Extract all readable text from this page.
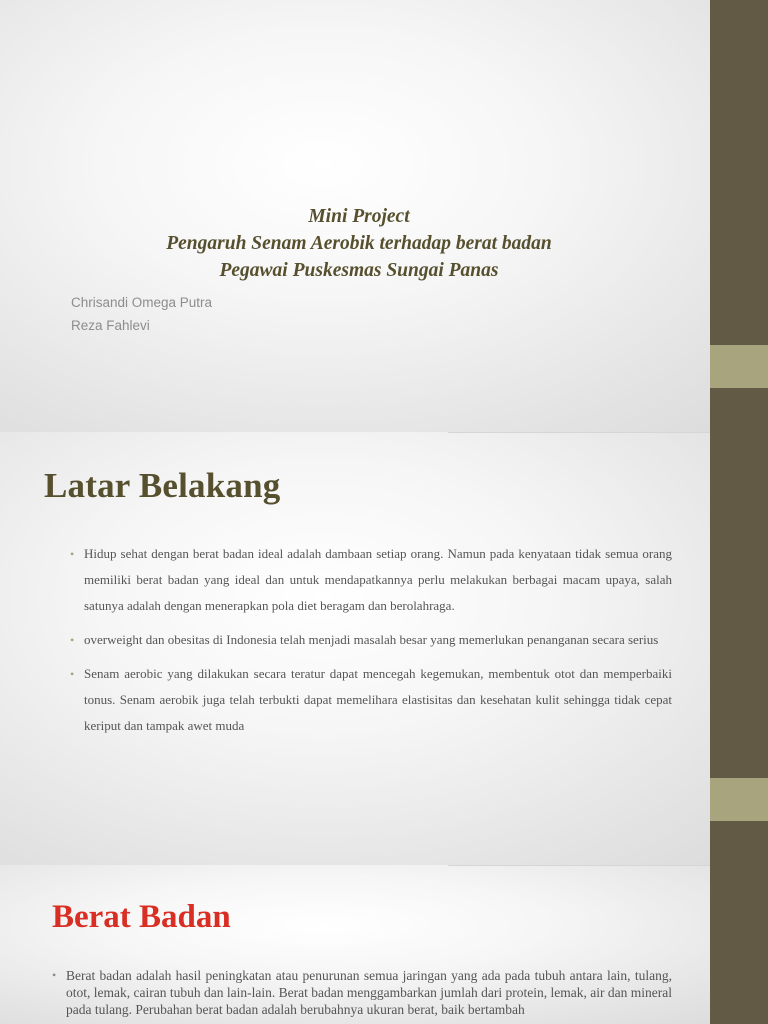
Mini Project
Pengaruh Senam Aerobik terhadap berat badan
Pegawai Puskesmas Sungai Panas
Chrisandi Omega Putra
Reza Fahlevi
Latar Belakang
• Hidup sehat dengan berat badan ideal adalah dambaan setiap orang. Namun pada kenyataan tidak semua orang memiliki berat badan yang ideal dan untuk mendapatkannya perlu melakukan berbagai macam upaya, salah satunya adalah dengan menerapkan pola diet beragam dan berolahraga.
• overweight dan obesitas di Indonesia telah menjadi masalah besar yang memerlukan penanganan secara serius
• Senam aerobic yang dilakukan secara teratur dapat mencegah kegemukan, membentuk otot dan memperbaiki tonus. Senam aerobik juga telah terbukti dapat memelihara elastisitas dan kesehatan kulit sehingga tidak cepat keriput dan tampak awet muda
Berat Badan
• Berat badan adalah hasil peningkatan atau penurunan semua jaringan yang ada pada tubuh antara lain, tulang, otot, lemak, cairan tubuh dan lain-lain. Berat badan menggambarkan jumlah dari protein, lemak, air dan mineral pada tulang. Perubahan berat badan adalah berubahnya ukuran berat, baik bertambah
